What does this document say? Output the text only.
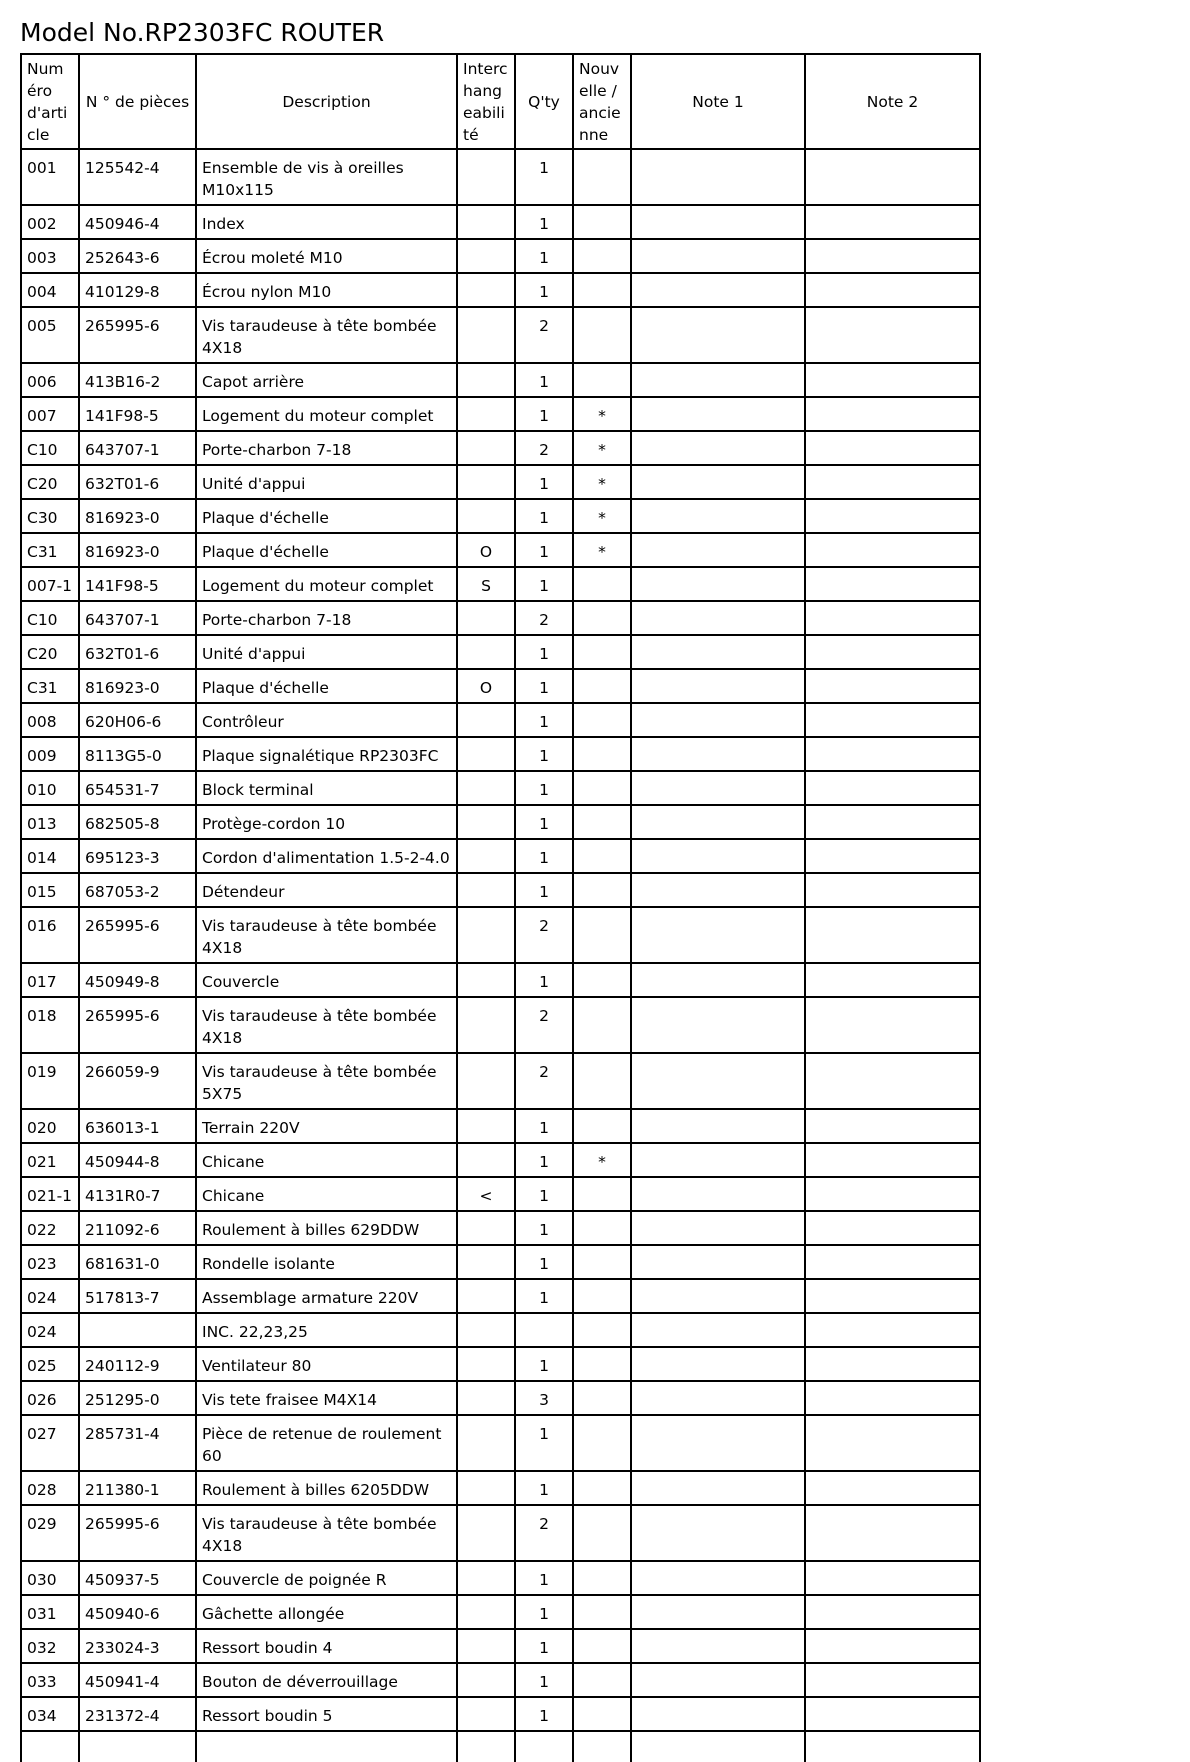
Model No.RP2303FC ROUTER
Numéro d'article	N ° de pièces	Description	Interchangeabilité	Q'ty	Nouvelle / ancienne	Note 1	Note 2
001	125542-4	Ensemble de vis à oreilles M10x115		1			
002	450946-4	Index		1			
003	252643-6	Écrou moleté M10		1			
004	410129-8	Écrou nylon M10		1			
005	265995-6	Vis taraudeuse à tête bombée 4X18		2			
006	413B16-2	Capot arrière		1			
007	141F98-5	Logement du moteur complet		1	*		
C10	643707-1	Porte-charbon 7-18		2	*		
C20	632T01-6	Unité d'appui		1	*		
C30	816923-0	Plaque d'échelle		1	*		
C31	816923-0	Plaque d'échelle	O	1	*		
007-1	141F98-5	Logement du moteur complet	S	1			
C10	643707-1	Porte-charbon 7-18		2			
C20	632T01-6	Unité d'appui		1			
C31	816923-0	Plaque d'échelle	O	1			
008	620H06-6	Contrôleur		1			
009	8113G5-0	Plaque signalétique RP2303FC		1			
010	654531-7	Block terminal		1			
013	682505-8	Protège-cordon 10		1			
014	695123-3	Cordon d'alimentation 1.5-2-4.0		1			
015	687053-2	Détendeur		1			
016	265995-6	Vis taraudeuse à tête bombée 4X18		2			
017	450949-8	Couvercle		1			
018	265995-6	Vis taraudeuse à tête bombée 4X18		2			
019	266059-9	Vis taraudeuse à tête bombée 5X75		2			
020	636013-1	Terrain 220V		1			
021	450944-8	Chicane		1	*		
021-1	4131R0-7	Chicane	<	1			
022	211092-6	Roulement à billes 629DDW		1			
023	681631-0	Rondelle isolante		1			
024	517813-7	Assemblage armature 220V		1			
024		INC. 22,23,25					
025	240112-9	Ventilateur 80		1			
026	251295-0	Vis tete fraisee M4X14		3			
027	285731-4	Pièce de retenue de roulement 60		1			
028	211380-1	Roulement à billes 6205DDW		1			
029	265995-6	Vis taraudeuse à tête bombée 4X18		2			
030	450937-5	Couvercle de poignée R		1			
031	450940-6	Gâchette allongée		1			
032	233024-3	Ressort boudin 4		1			
033	450941-4	Bouton de déverrouillage		1			
034	231372-4	Ressort boudin 5		1			
